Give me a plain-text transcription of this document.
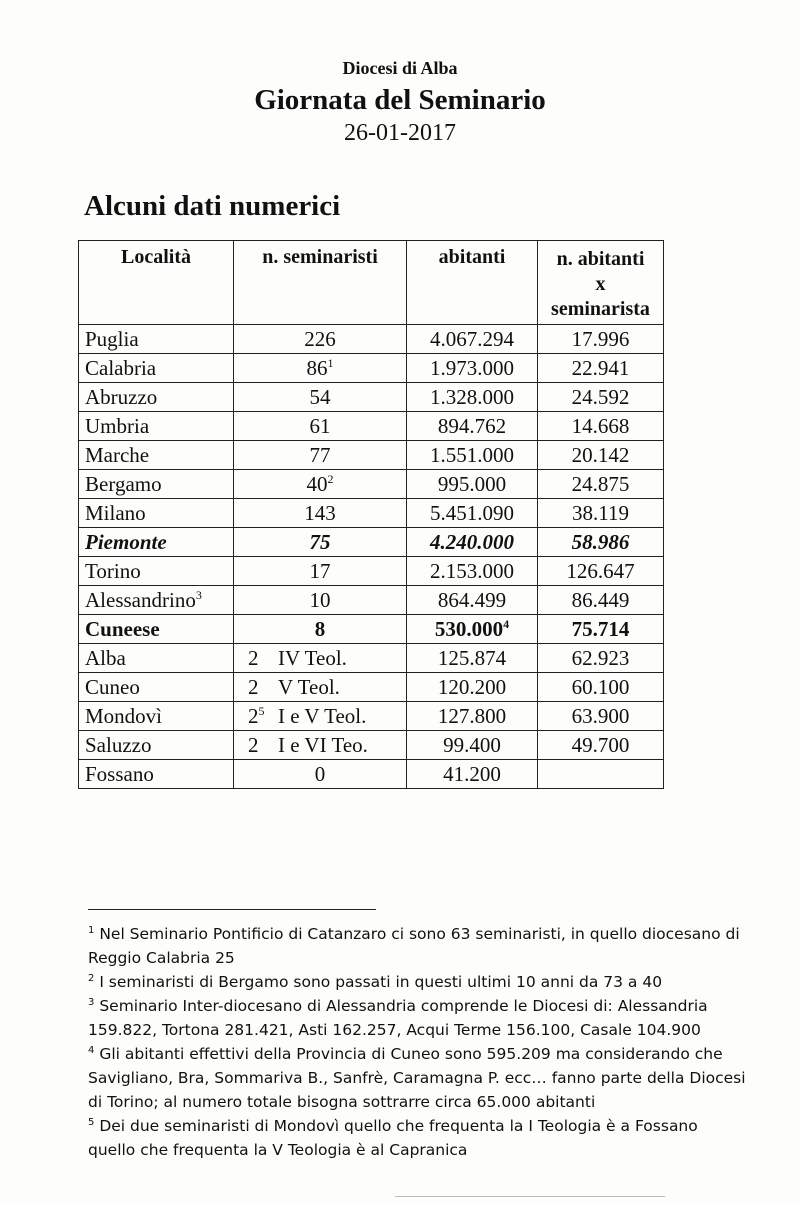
Diocesi di Alba
Giornata del Seminario
26-01-2017
Alcuni dati numerici
Località	n. seminaristi	abitanti	n. abitanti
x
seminarista
Puglia	226	4.067.294	17.996
Calabria	$86^1$	1.973.000	22.941
Abruzzo	54	1.328.000	24.592
Umbria	61	894.762	14.668
Marche	77	1.551.000	20.142
Bergamo	$40^2$	995.000	24.875
Milano	143	5.451.090	38.119
Piemonte	75	4.240.000	58.986
Torino	17	2.153.000	126.647
Alessandrino$^3$	10	864.499	86.449
Cuneese	8	530.000$^4$	75.714
Alba	2 IV Teol.	125.874	62.923
Cuneo	2 V Teol.	120.200	60.100
Mondovì	$2^5$ I e V Teol.	127.800	63.900
Saluzzo	2 I e VI Teo.	99.400	49.700
Fossano	0	41.200	

$^1$ Nel Seminario Pontificio di Catanzaro ci sono 63 seminaristi, in quello diocesano di Reggio Calabria 25

$^2$ I seminaristi di Bergamo sono passati in questi ultimi 10 anni da 73 a 40

$^3$ Seminario Inter-diocesano di Alessandria comprende le Diocesi di: Alessandria 159.822, Tortona 281.421, Asti 162.257, Acqui Terme 156.100, Casale 104.900

$^4$ Gli abitanti effettivi della Provincia di Cuneo sono 595.209 ma considerando che Savigliano, Bra, Sommariva B., Sanfrè, Caramagna P. ecc… fanno parte della Diocesi di Torino; al numero totale bisogna sottrarre circa 65.000 abitanti

$^5$ Dei due seminaristi di Mondovì quello che frequenta la I Teologia è a Fossano quello che frequenta la V Teologia è al Capranica
